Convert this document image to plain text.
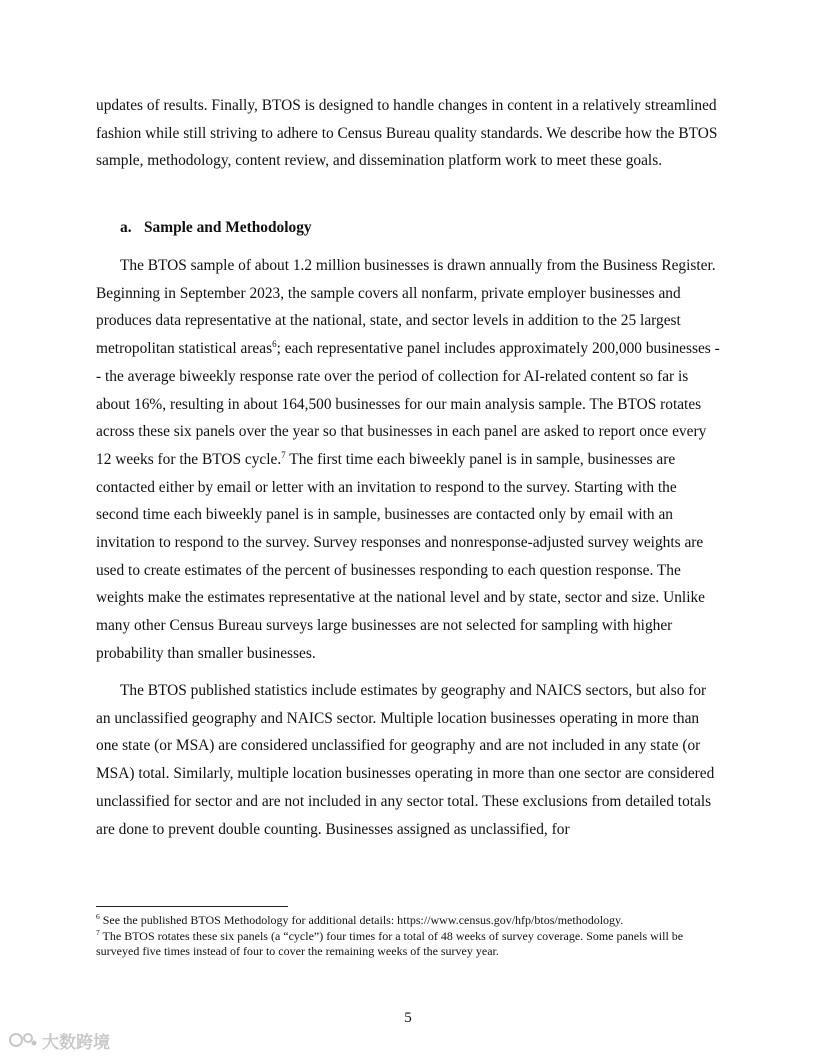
updates of results. Finally, BTOS is designed to handle changes in content in a relatively streamlined fashion while still striving to adhere to Census Bureau quality standards. We describe how the BTOS sample, methodology, content review, and dissemination platform work to meet these goals.

a. Sample and Methodology

The BTOS sample of about 1.2 million businesses is drawn annually from the Business Register. Beginning in September 2023, the sample covers all nonfarm, private employer businesses and produces data representative at the national, state, and sector levels in addition to the 25 largest metropolitan statistical areas$^6$; each representative panel includes approximately 200,000 businesses -- the average biweekly response rate over the period of collection for AI-related content so far is about 16%, resulting in about 164,500 businesses for our main analysis sample. The BTOS rotates across these six panels over the year so that businesses in each panel are asked to report once every 12 weeks for the BTOS cycle.$^7$ The first time each biweekly panel is in sample, businesses are contacted either by email or letter with an invitation to respond to the survey. Starting with the second time each biweekly panel is in sample, businesses are contacted only by email with an invitation to respond to the survey. Survey responses and nonresponse-adjusted survey weights are used to create estimates of the percent of businesses responding to each question response. The weights make the estimates representative at the national level and by state, sector and size. Unlike many other Census Bureau surveys large businesses are not selected for sampling with higher probability than smaller businesses.

The BTOS published statistics include estimates by geography and NAICS sectors, but also for an unclassified geography and NAICS sector. Multiple location businesses operating in more than one state (or MSA) are considered unclassified for geography and are not included in any state (or MSA) total. Similarly, multiple location businesses operating in more than one sector are considered unclassified for sector and are not included in any sector total. These exclusions from detailed totals are done to prevent double counting. Businesses assigned as unclassified, for

$^6$ See the published BTOS Methodology for additional details: https://www.census.gov/hfp/btos/methodology.

$^7$ The BTOS rotates these six panels (a “cycle”) four times for a total of 48 weeks of survey coverage. Some panels will be surveyed five times instead of four to cover the remaining weeks of the survey year.

5
大数跨境
